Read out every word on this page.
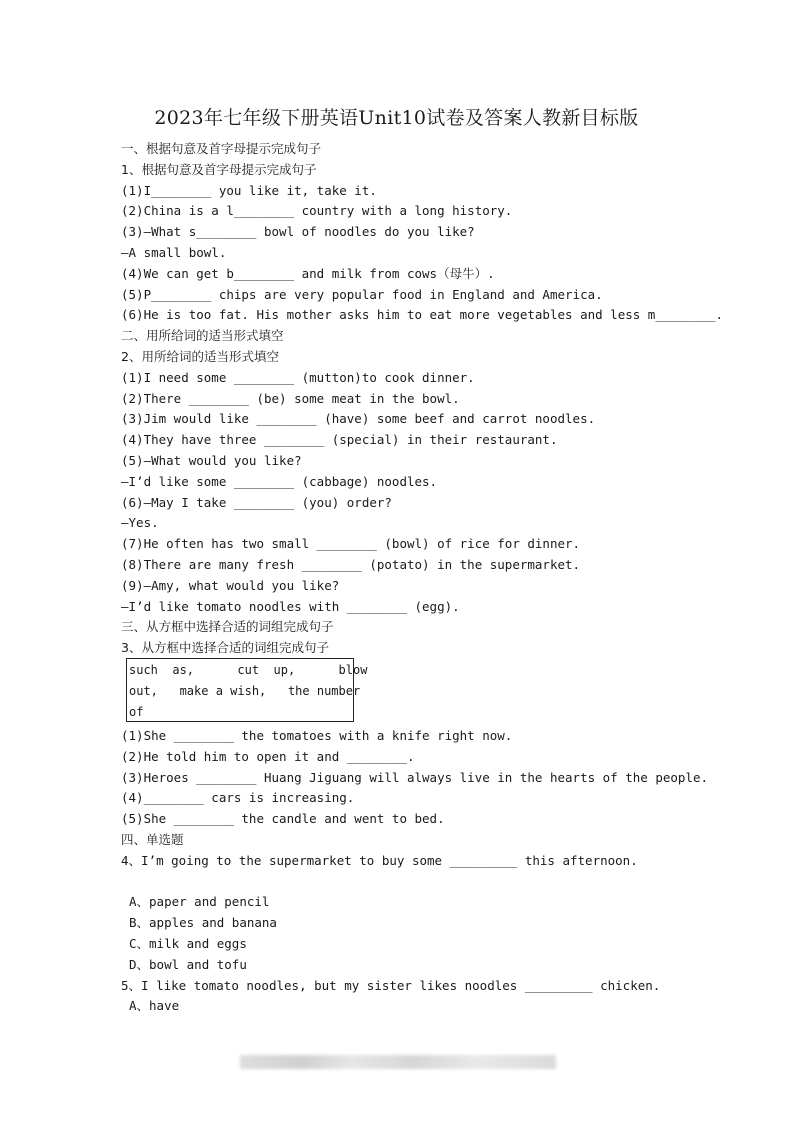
2023年七年级下册英语Unit10试卷及答案人教新目标版
一、根据句意及首字母提示完成句子
1、根据句意及首字母提示完成句子
(1)I________ you like it, take it.
(2)China is a l________ country with a long history.
(3)—What s________ bowl of noodles do you like?
—A small bowl.
(4)We can get b________ and milk from cows（母牛）.
(5)P________ chips are very popular food in England and America.
(6)He is too fat. His mother asks him to eat more vegetables and less m________.
二、用所给词的适当形式填空
2、用所给词的适当形式填空
(1)I need some ________ (mutton)to cook dinner.
(2)There ________ (be) some meat in the bowl.
(3)Jim would like ________ (have) some beef and carrot noodles.
(4)They have three ________ (special) in their restaurant.
(5)—What would you like?
—I’d like some ________ (cabbage) noodles.
(6)—May I take ________ (you) order?
—Yes.
(7)He often has two small ________ (bowl) of rice for dinner.
(8)There are many fresh ________ (potato) in the supermarket.
(9)—Amy, what would you like?
—I’d like tomato noodles with ________ (egg).
三、从方框中选择合适的词组完成句子
3、从方框中选择合适的词组完成句子
such  as,      cut  up,      blow
out,   make a wish,   the number
of
(1)She ________ the tomatoes with a knife right now.
(2)He told him to open it and ________.
(3)Heroes ________ Huang Jiguang will always live in the hearts of the people.
(4)________ cars is increasing.
(5)She ________ the candle and went to bed.
四、单选题
4、I’m going to the supermarket to buy some _________ this afternoon.
A、paper and pencil
B、apples and banana
C、milk and eggs
D、bowl and tofu
5、I like tomato noodles, but my sister likes noodles _________ chicken.
A、have
